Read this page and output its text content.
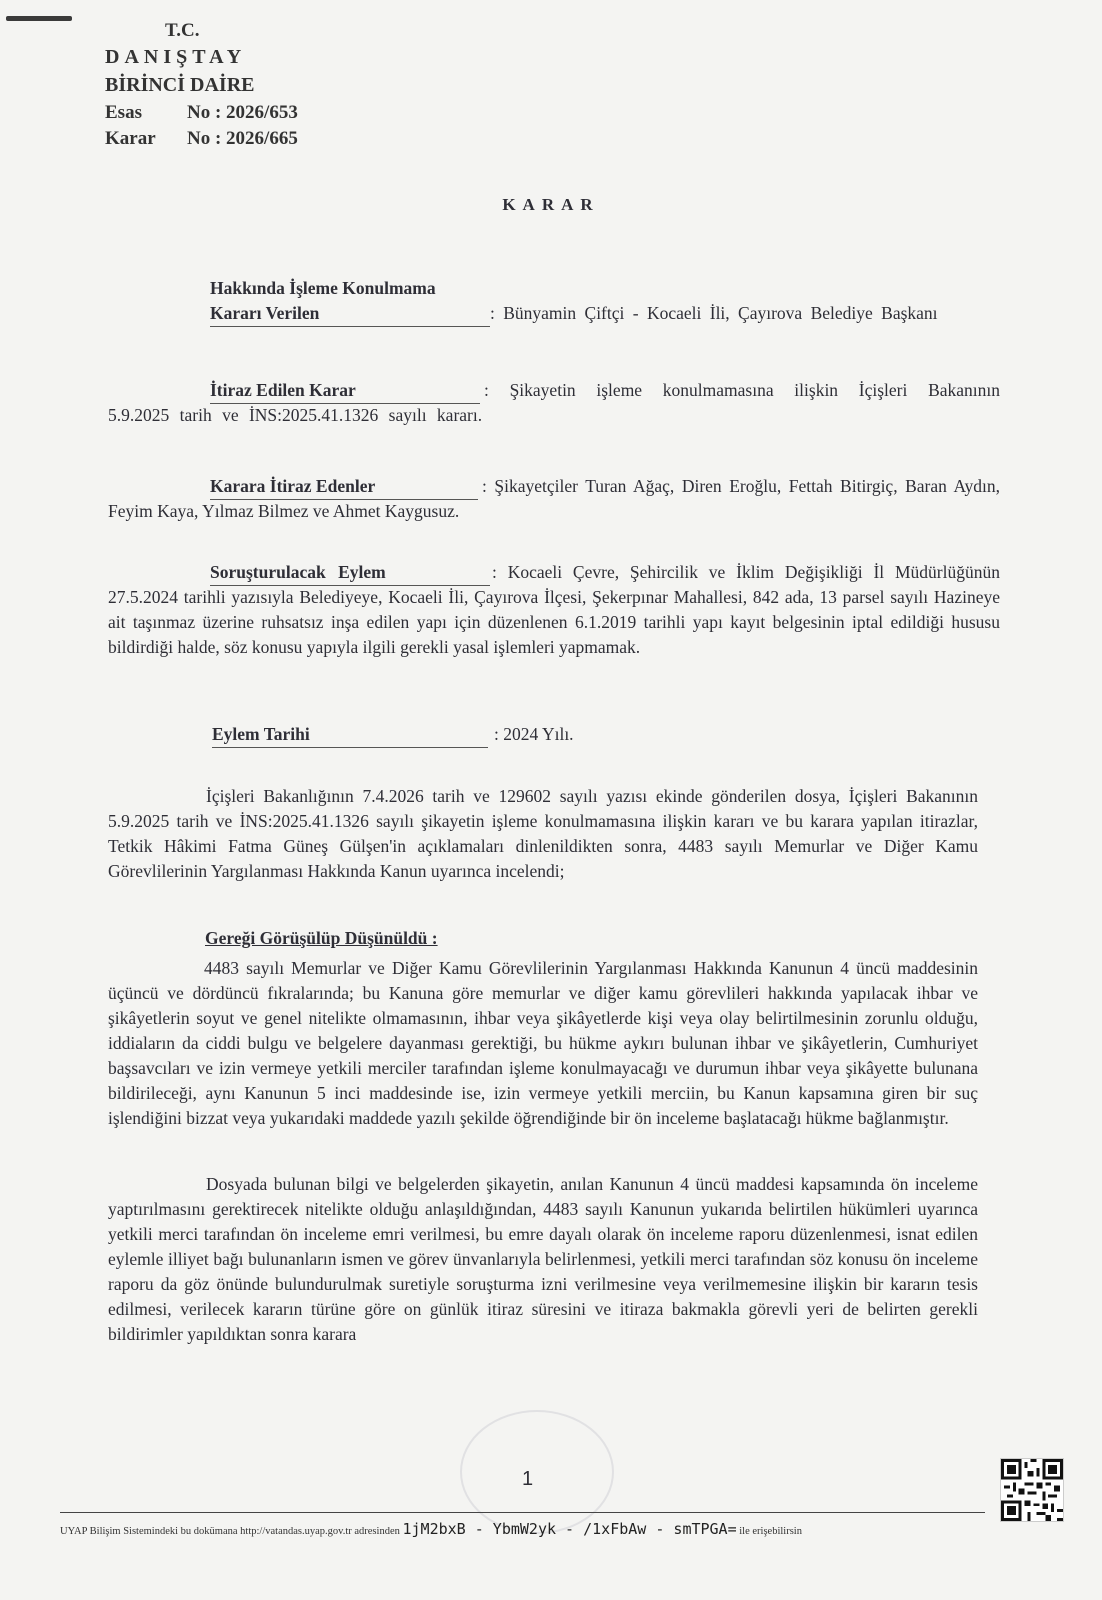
T.C.
DANIŞTAY
BİRİNCİ DAİRE
Esas No : 2026/653
Karar No : 2026/665
KARAR
Hakkında İşleme Konulmama
Kararı Verilen	: Bünyamin Çiftçi - Kocaeli İli, Çayırova Belediye Başkanı
İtiraz Edilen Karar	: Şikayetin işleme konulmamasına ilişkin İçişleri Bakanının 5.9.2025 tarih ve İNS:2025.41.1326 sayılı kararı.
Karara İtiraz Edenler	: Şikayetçiler Turan Ağaç, Diren Eroğlu, Fettah Bitirgiç, Baran Aydın, Feyim Kaya, Yılmaz Bilmez ve Ahmet Kaygusuz.
Soruşturulacak Eylem	: Kocaeli Çevre, Şehircilik ve İklim Değişikliği İl Müdürlüğünün 27.5.2024 tarihli yazısıyla Belediyeye, Kocaeli İli, Çayırova İlçesi, Şekerpınar Mahallesi, 842 ada, 13 parsel sayılı Hazineye ait taşınmaz üzerine ruhsatsız inşa edilen yapı için düzenlenen 6.1.2019 tarihli yapı kayıt belgesinin iptal edildiği hususu bildirdiği halde, söz konusu yapıyla ilgili gerekli yasal işlemleri yapmamak.
Eylem Tarihi	: 2024 Yılı.
İçişleri Bakanlığının 7.4.2026 tarih ve 129602 sayılı yazısı ekinde gönderilen dosya, İçişleri Bakanının 5.9.2025 tarih ve İNS:2025.41.1326 sayılı şikayetin işleme konulmamasına ilişkin kararı ve bu karara yapılan itirazlar, Tetkik Hâkimi Fatma Güneş Gülşen'in açıklamaları dinlenildikten sonra, 4483 sayılı Memurlar ve Diğer Kamu Görevlilerinin Yargılanması Hakkında Kanun uyarınca incelendi;
Gereği Görüşülüp Düşünüldü :
4483 sayılı Memurlar ve Diğer Kamu Görevlilerinin Yargılanması Hakkında Kanunun 4 üncü maddesinin üçüncü ve dördüncü fıkralarında; bu Kanuna göre memurlar ve diğer kamu görevlileri hakkında yapılacak ihbar ve şikâyetlerin soyut ve genel nitelikte olmamasının, ihbar veya şikâyetlerde kişi veya olay belirtilmesinin zorunlu olduğu, iddiaların da ciddi bulgu ve belgelere dayanması gerektiği, bu hükme aykırı bulunan ihbar ve şikâyetlerin, Cumhuriyet başsavcıları ve izin vermeye yetkili merciler tarafından işleme konulmayacağı ve durumun ihbar veya şikâyette bulunana bildirileceği, aynı Kanunun 5 inci maddesinde ise, izin vermeye yetkili merciin, bu Kanun kapsamına giren bir suç işlendiğini bizzat veya yukarıdaki maddede yazılı şekilde öğrendiğinde bir ön inceleme başlatacağı hükme bağlanmıştır.
Dosyada bulunan bilgi ve belgelerden şikayetin, anılan Kanunun 4 üncü maddesi kapsamında ön inceleme yaptırılmasını gerektirecek nitelikte olduğu anlaşıldığından, 4483 sayılı Kanunun yukarıda belirtilen hükümleri uyarınca yetkili merci tarafından ön inceleme emri verilmesi, bu emre dayalı olarak ön inceleme raporu düzenlenmesi, isnat edilen eylemle illiyet bağı bulunanların ismen ve görev ünvanlarıyla belirlenmesi, yetkili merci tarafından söz konusu ön inceleme raporu da göz önünde bulundurulmak suretiyle soruşturma izni verilmesine veya verilmemesine ilişkin bir kararın tesis edilmesi, verilecek kararın türüne göre on günlük itiraz süresini ve itiraza bakmakla görevli yeri de belirten gerekli bildirimler yapıldıktan sonra karara
1
UYAP Bilişim Sistemindeki bu dokümana http://vatandas.uyap.gov.tr adresinden 1jM2bxB - YbmW2yk - /1xFbAw - smTPGA= ile erişebilirsin
